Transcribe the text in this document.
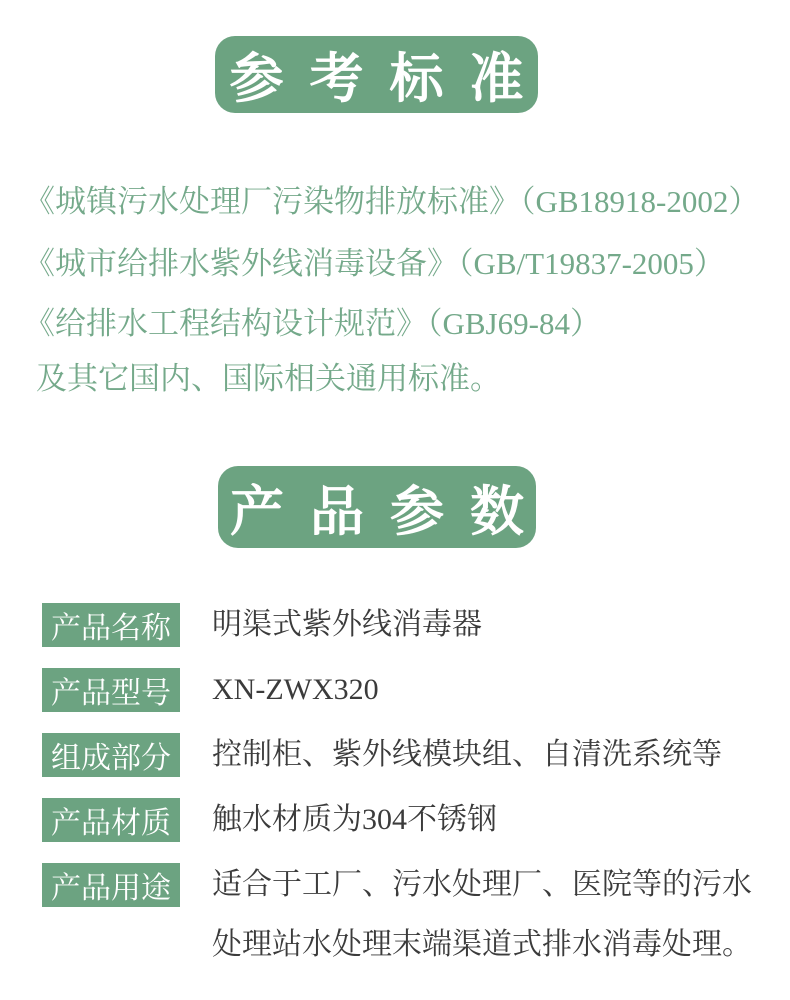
参考标准
《城镇污水处理厂污染物排放标准》（GB18918-2002）
《城市给排水紫外线消毒设备》（GB/T19837-2005）
《给排水工程结构设计规范》（GBJ69-84）
及其它国内、国际相关通用标准。
产品参数
产品名称	明渠式紫外线消毒器
产品型号	XN-ZWX320
组成部分	控制柜、紫外线模块组、自清洗系统等
产品材质	触水材质为304不锈钢
产品用途	适合于工厂、污水处理厂、医院等的污水处理站水处理末端渠道式排水消毒处理。
